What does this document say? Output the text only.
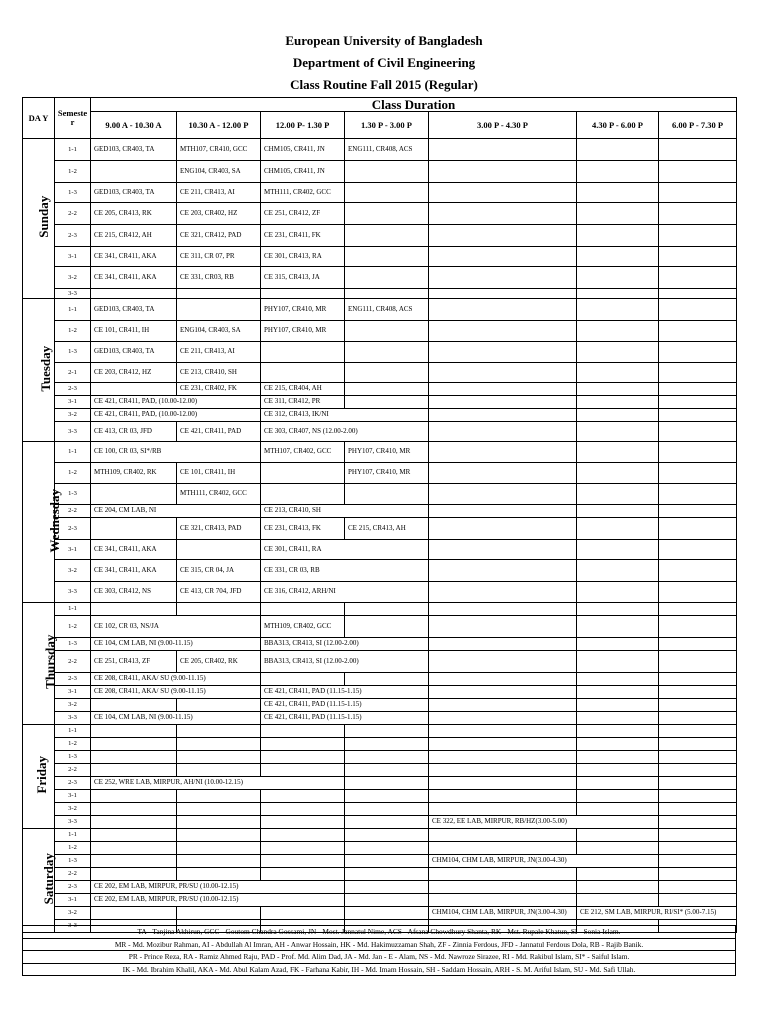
European University of Bangladesh
Department of Civil Engineering
Class Routine Fall 2015 (Regular)
DA Y	Semeste r	Class Duration						
		9.00 A - 10.30 A	10.30 A - 12.00 P	12.00 P- 1.30 P	1.30 P - 3.00 P	3.00 P - 4.30 P	4.30 P - 6.00 P	6.00 P - 7.30 P
Sunday	1-1	GED103, CR403, TA	MTH107, CR410, GCC	CHM105, CR411, JN	ENG111, CR408, ACS			
	1-2		ENG104, CR403, SA	CHM105, CR411, JN				
	1-3	GED103, CR403, TA	CE 211, CR413, AI	MTH111, CR402, GCC				
	2-2	CE 205, CR413, RK	CE 203, CR402, HZ	CE 251, CR412, ZF				
	2-3	CE 215, CR412, AH	CE 321, CR412, PAD	CE 231, CR411, FK				
	3-1	CE 341, CR411, AKA	CE 311, CR 07, PR	CE 301, CR413, RA				
	3-2	CE 341, CR411, AKA	CE 331, CR03, RB	CE 315, CR413, JA				
	3-3							
Tuesday	1-1	GED103, CR403, TA		PHY107, CR410, MR	ENG111, CR408, ACS			
	1-2	CE 101, CR411, IH	ENG104, CR403, SA	PHY107, CR410, MR				
	1-3	GED103, CR403, TA	CE 211, CR413, AI					
	2-1	CE 203, CR412, HZ	CE 213, CR410, SH					
	2-3		CE 231, CR402, FK	CE 215, CR404, AH				
	3-1	CE 421, CR411, PAD, (10.00-12.00)		CE 311, CR412, PR				
	3-2	CE 421, CR411, PAD, (10.00-12.00)		CE 312, CR413, IK/NI				
	3-3	CE 413, CR 03, JFD	CE 421, CR411, PAD	CE 303, CR407, NS (12.00-2.00)				
Wednesday	1-1	CE 100, CR 03, SI*/RB		MTH107, CR402, GCC	PHY107, CR410, MR			
	1-2	MTH109, CR402, RK	CE 101, CR411, IH		PHY107, CR410, MR			
	1-3		MTH111, CR402, GCC					
	2-2	CE 204, CM LAB, NI		CE 213, CR410, SH				
	2-3		CE 321, CR413, PAD	CE 231, CR413, FK	CE 215, CR413, AH			
	3-1	CE 341, CR411, AKA		CE 301, CR411, RA				
	3-2	CE 341, CR411, AKA	CE 315, CR 04, JA	CE 331, CR 03, RB				
	3-3	CE 303, CR412, NS	CE 413, CR 704, JFD	CE 316, CR412, ARH/NI				
Thursday	1-1							
	1-2	CE 102, CR 03, NS/JA		MTH109, CR402, GCC				
	1-3	CE 104, CM LAB, NI (9.00-11.15)		BBA313, CR413, SI (12.00-2.00)				
	2-2	CE 251, CR413, ZF	CE 205, CR402, RK	BBA313, CR413, SI (12.00-2.00)				
	2-3	CE 208, CR411, AKA/ SU (9.00-11.15)						
	3-1	CE 208, CR411, AKA/ SU (9.00-11.15)		CE 421, CR411, PAD (11.15-1.15)				
	3-2			CE 421, CR411, PAD (11.15-1.15)				
	3-3	CE 104, CM LAB, NI (9.00-11.15)		CE 421, CR411, PAD (11.15-1.15)				
Friday	1-1							
	1-2							
	1-3							
	2-2							
	2-3	CE 252, WRE LAB, MIRPUR, AH/NI (10.00-12.15)						
	3-1							
	3-2							
	3-3					CE 322, EE LAB, MIRPUR, RB/HZ(3.00-5.00)		
Saturday	1-1							
	1-2							
	1-3					CHM104, CHM LAB, MIRPUR, JN(3.00-4.30)		
	2-2							
	2-3	CE 202, EM LAB, MIRPUR, PR/SU (10.00-12.15)						
	3-1	CE 202, EM LAB, MIRPUR, PR/SU (10.00-12.15)						
	3-2					CHM104, CHM LAB, MIRPUR, JN(3.00-4.30)	CE 212, SM LAB, MIRPUR, RI/SI* (5.00-7.15)	
	3-3							
TA - Tanjina Akhirun, GCC - Goutom Chandra Gossami, JN - Most. Jannatul Nime, ACS - Afsana Chowdhury Shanta, RK - Mst. Rupale Khatun, SI - Sonia Islam.
MR - Md. Mozibur Rahman, AI - Abdullah Al Imran, AH - Anwar Hossain, HK - Md. Hakimuzzaman Shah, ZF - Zinnia Ferdous, JFD - Jannatul Ferdous Dola, RB - Rajib Banik.
PR - Prince Reza, RA - Ramiz Ahmed Raju, PAD - Prof. Md. Alim Dad, JA - Md. Jan - E - Alam, NS - Md. Nawroze Sirazee, RI - Md. Rakibul Islam, SI* - Saiful Islam.
IK - Md. Ibrahim Khalil, AKA - Md. Abul Kalam Azad, FK - Farhana Kabir, IH - Md. Imam Hossain, SH - Saddam Hossain, ARH - S. M. Ariful Islam, SU - Md. Safi Ullah.
